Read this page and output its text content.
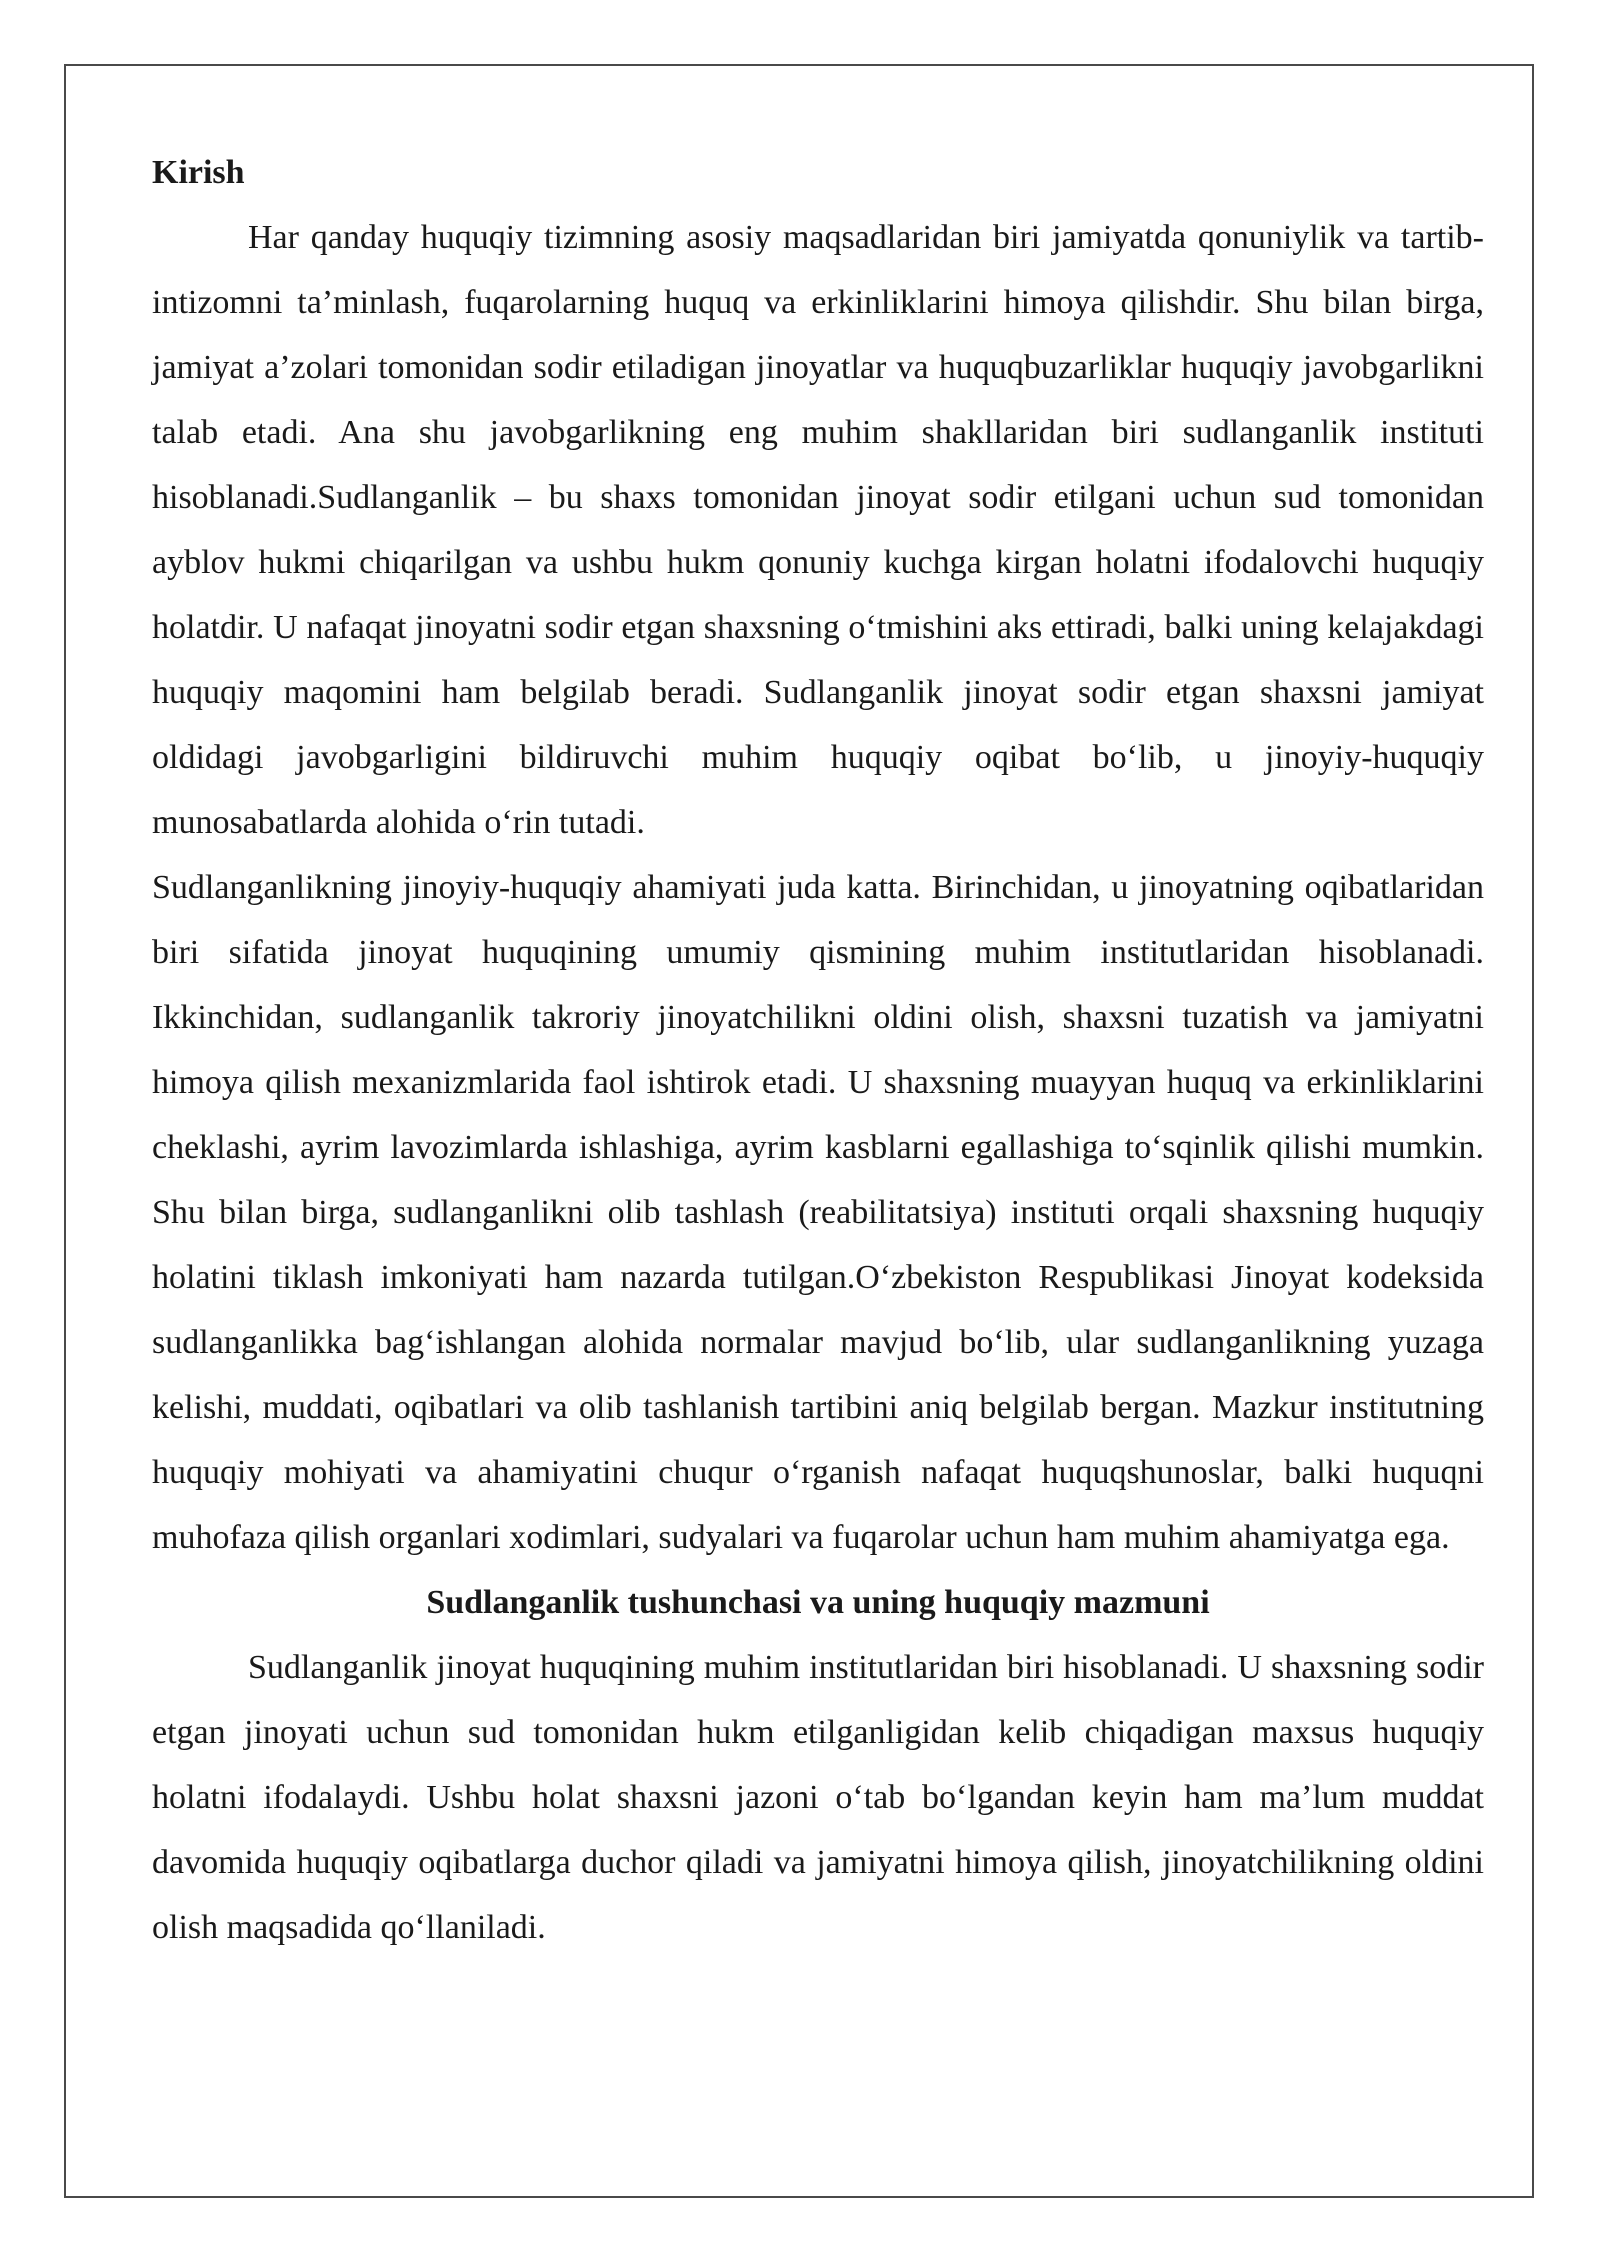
Kirish

Har qanday huquqiy tizimning asosiy maqsadlaridan biri jamiyatda qonuniylik va tartib-intizomni ta’minlash, fuqarolarning huquq va erkinliklarini himoya qilishdir. Shu bilan birga, jamiyat a’zolari tomonidan sodir etiladigan jinoyatlar va huquqbuzarliklar huquqiy javobgarlikni talab etadi. Ana shu javobgarlikning eng muhim shakllaridan biri sudlanganlik instituti hisoblanadi.Sudlanganlik – bu shaxs tomonidan jinoyat sodir etilgani uchun sud tomonidan ayblov hukmi chiqarilgan va ushbu hukm qonuniy kuchga kirgan holatni ifodalovchi huquqiy holatdir. U nafaqat jinoyatni sodir etgan shaxsning o‘tmishini aks ettiradi, balki uning kelajakdagi huquqiy maqomini ham belgilab beradi. Sudlanganlik jinoyat sodir etgan shaxsni jamiyat oldidagi javobgarligini bildiruvchi muhim huquqiy oqibat bo‘lib, u jinoyiy-huquqiy munosabatlarda alohida o‘rin tutadi.

Sudlanganlikning jinoyiy-huquqiy ahamiyati juda katta. Birinchidan, u jinoyatning oqibatlaridan biri sifatida jinoyat huquqining umumiy qismining muhim institutlaridan hisoblanadi. Ikkinchidan, sudlanganlik takroriy jinoyatchilikni oldini olish, shaxsni tuzatish va jamiyatni himoya qilish mexanizmlarida faol ishtirok etadi. U shaxsning muayyan huquq va erkinliklarini cheklashi, ayrim lavozimlarda ishlashiga, ayrim kasblarni egallashiga to‘sqinlik qilishi mumkin. Shu bilan birga, sudlanganlikni olib tashlash (reabilitatsiya) instituti orqali shaxsning huquqiy holatini tiklash imkoniyati ham nazarda tutilgan.O‘zbekiston Respublikasi Jinoyat kodeksida sudlanganlikka bag‘ishlangan alohida normalar mavjud bo‘lib, ular sudlanganlikning yuzaga kelishi, muddati, oqibatlari va olib tashlanish tartibini aniq belgilab bergan. Mazkur institutning huquqiy mohiyati va ahamiyatini chuqur o‘rganish nafaqat huquqshunoslar, balki huquqni muhofaza qilish organlari xodimlari, sudyalari va fuqarolar uchun ham muhim ahamiyatga ega.

Sudlanganlik tushunchasi va uning huquqiy mazmuni

Sudlanganlik jinoyat huquqining muhim institutlaridan biri hisoblanadi. U shaxsning sodir etgan jinoyati uchun sud tomonidan hukm etilganligidan kelib chiqadigan maxsus huquqiy holatni ifodalaydi. Ushbu holat shaxsni jazoni o‘tab bo‘lgandan keyin ham ma’lum muddat davomida huquqiy oqibatlarga duchor qiladi va jamiyatni himoya qilish, jinoyatchilikning oldini olish maqsadida qo‘llaniladi.
